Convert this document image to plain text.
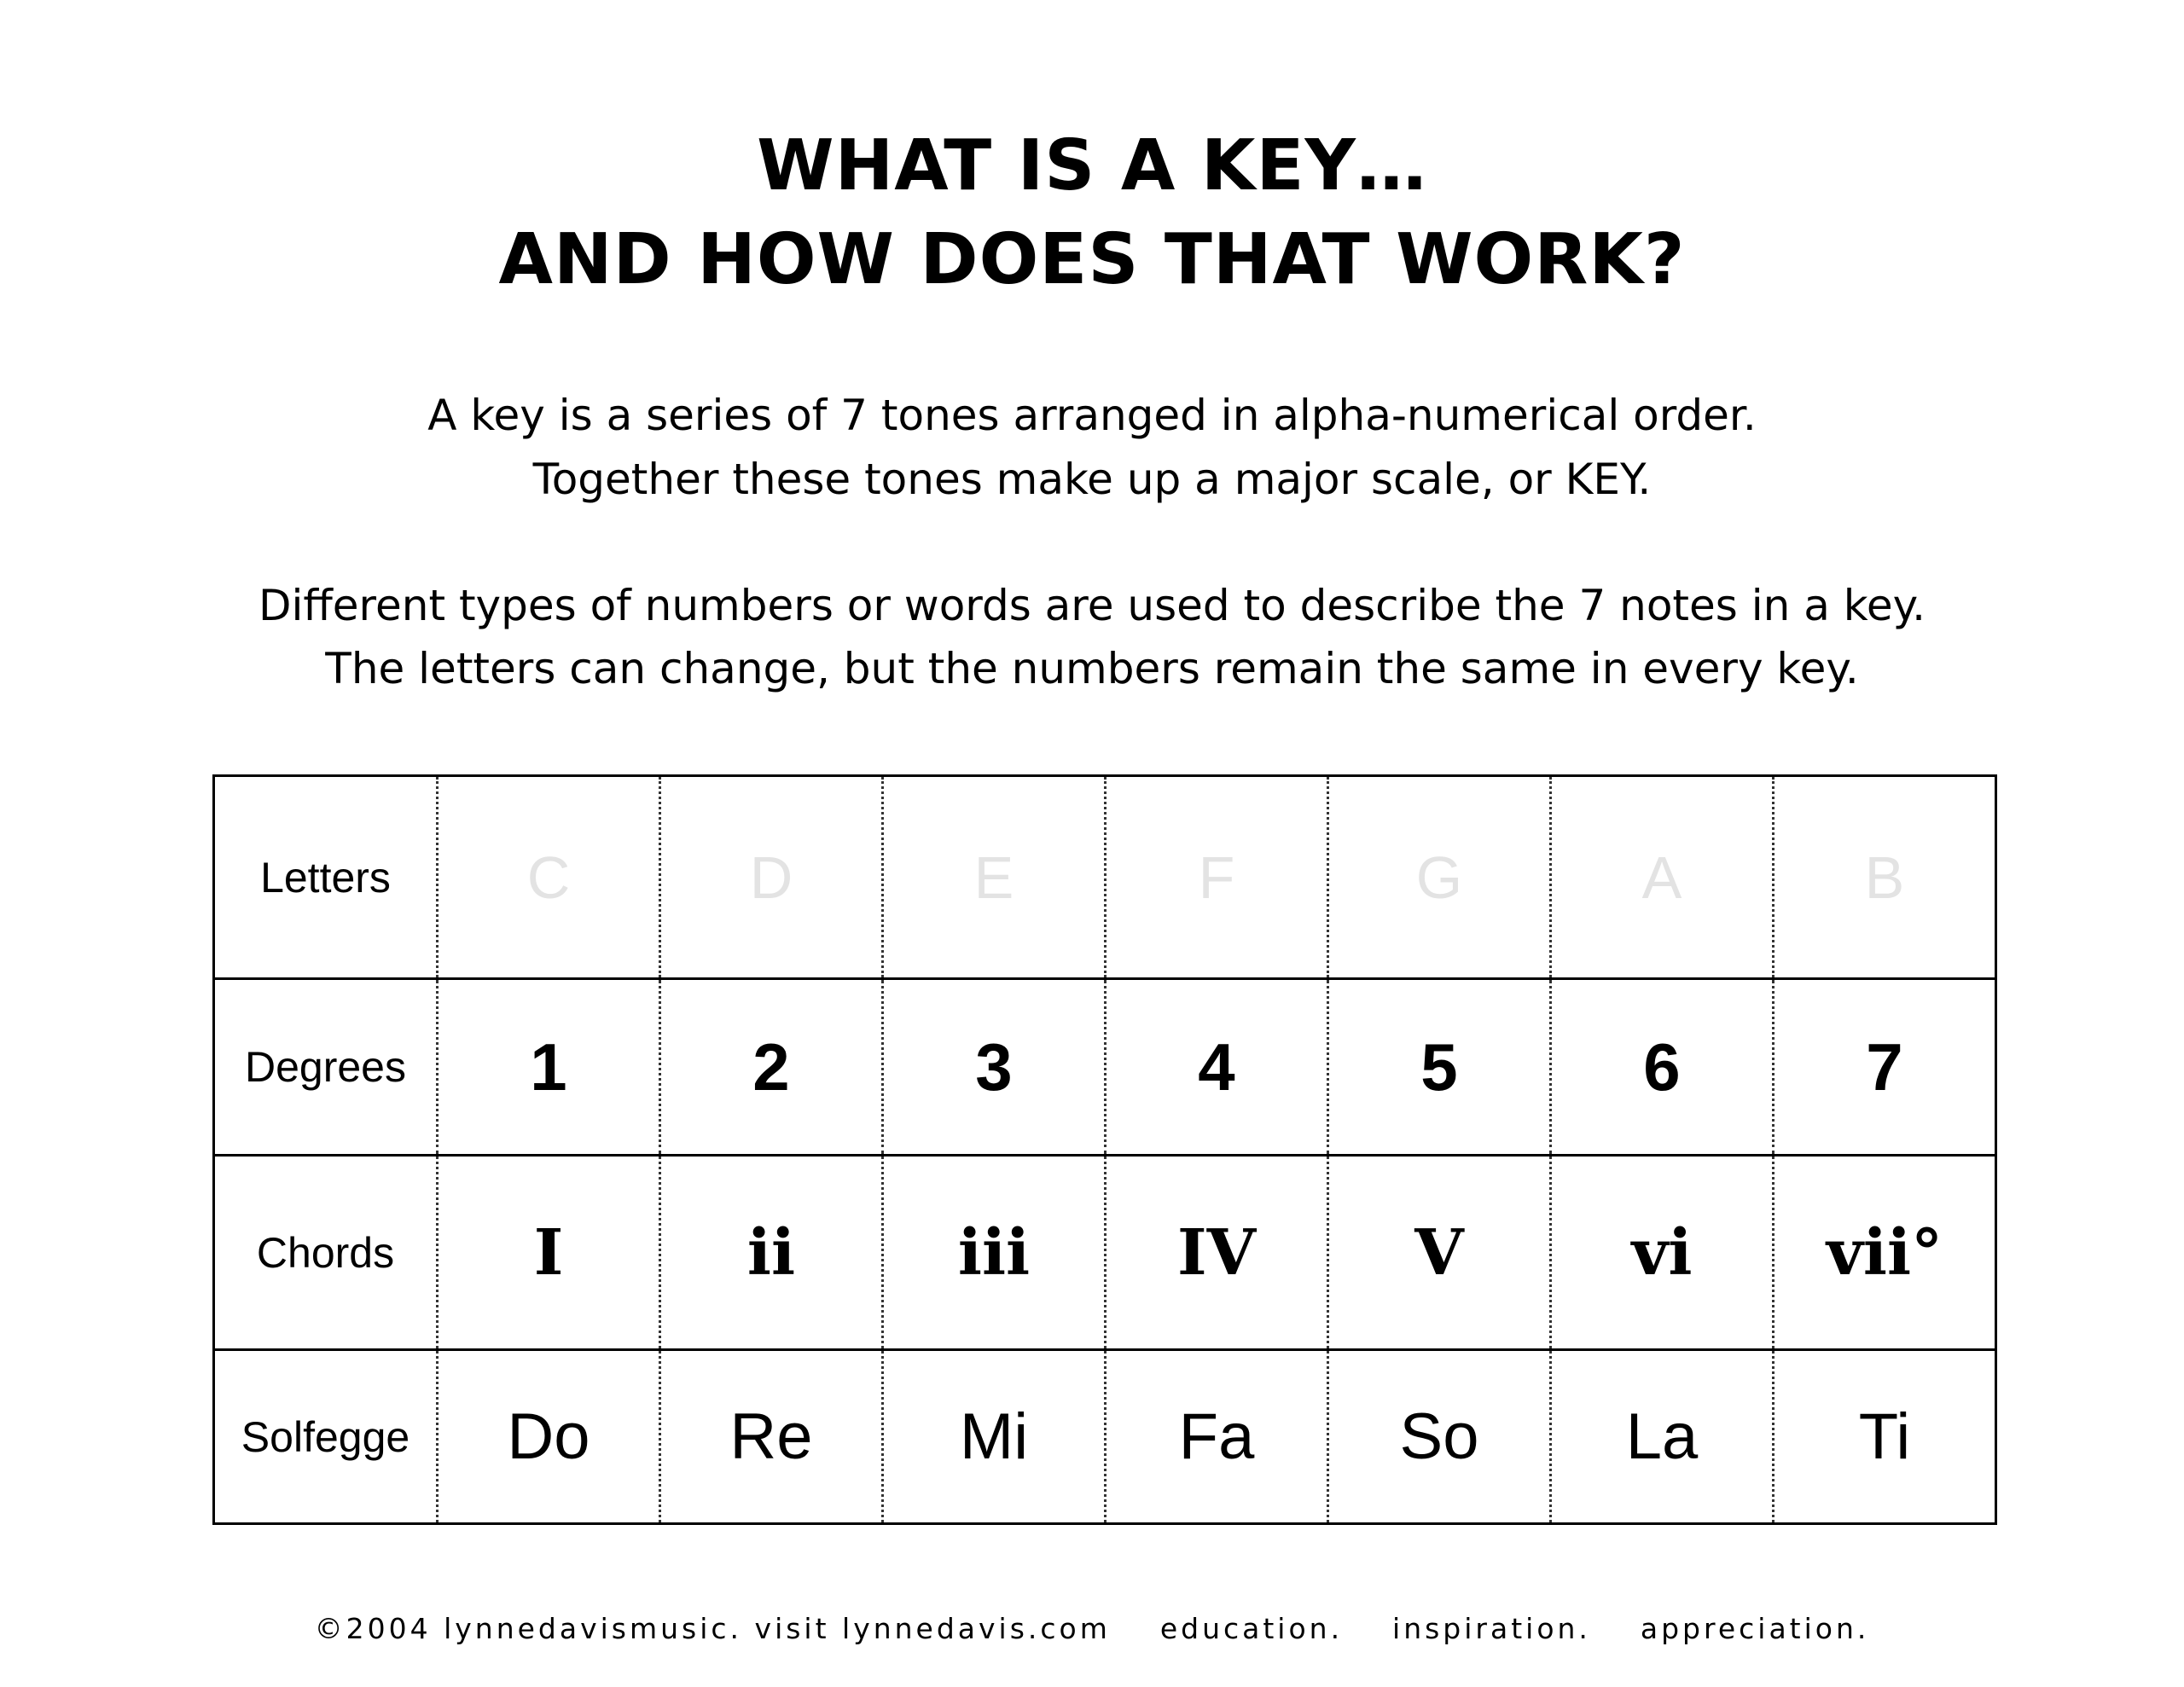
WHAT IS A KEY…
AND HOW DOES THAT WORK?

A key is a series of 7 tones arranged in alpha-numerical order.

Together these tones make up a major scale, or KEY.

Different types of numbers or words are used to describe the 7 notes in a key.

The letters can change, but the numbers remain the same in every key.

Letters	C	D	E	F	G	A	B
Degrees	1	2	3	4	5	6	7
Chords	I	ii	iii	IV	V	vi	vii°
Solfegge	Do	Re	Mi	Fa	So	La	Ti

©2004 lynnedavismusic. visit lynnedavis.com    education.    inspiration.    appreciation.
